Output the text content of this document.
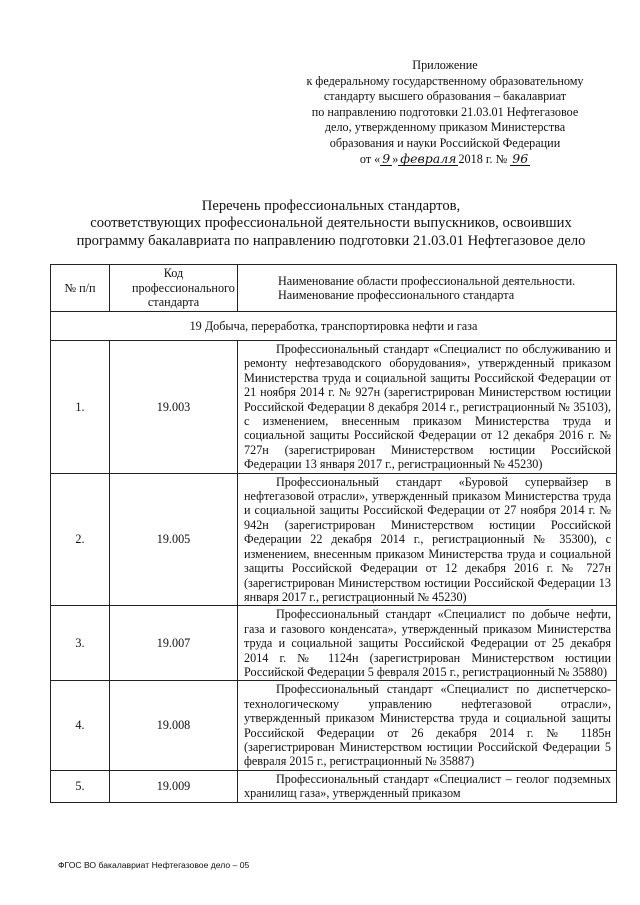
Приложение
к федеральному государственному образовательному
стандарту высшего образования – бакалавриат
по направлению подготовки 21.03.01 Нефтегазовое
дело, утвержденному приказом Министерства
образования и науки Российской Федерации
от « 9 » февраля 2018 г. № 96
Перечень профессиональных стандартов,
соответствующих профессиональной деятельности выпускников, освоивших
программу бакалавриата по направлению подготовки 21.03.01 Нефтегазовое дело
№ п/п	Код профессионального стандарта	Наименование области профессиональной деятельности. Наименование профессионального стандарта
19 Добыча, переработка, транспортировка нефти и газа		
1.	19.003	Профессиональный стандарт «Специалист по обслуживанию и ремонту нефтезаводского оборудования», утвержденный приказом Министерства труда и социальной защиты Российской Федерации от 21 ноября 2014 г. № 927н (зарегистрирован Министерством юстиции Российской Федерации 8 декабря 2014 г., регистрационный № 35103), с изменением, внесенным приказом Министерства труда и социальной защиты Российской Федерации от 12 декабря 2016 г. № 727н (зарегистрирован Министерством юстиции Российской Федерации 13 января 2017 г., регистрационный № 45230)

2.	19.005	Профессиональный стандарт «Буровой супервайзер в нефтегазовой отрасли», утвержденный приказом Министерства труда и социальной защиты Российской Федерации от 27 ноября 2014 г. № 942н (зарегистрирован Министерством юстиции Российской Федерации 22 декабря 2014 г., регистрационный № 35300), с изменением, внесенным приказом Министерства труда и социальной защиты Российской Федерации от 12 декабря 2016 г. № 727н (зарегистрирован Министерством юстиции Российской Федерации 13 января 2017 г., регистрационный № 45230)

3.	19.007	Профессиональный стандарт «Специалист по добыче нефти, газа и газового конденсата», утвержденный приказом Министерства труда и социальной защиты Российской Федерации от 25 декабря 2014 г. № 1124н (зарегистрирован Министерством юстиции Российской Федерации 5 февраля 2015 г., регистрационный № 35880)

4.	19.008	Профессиональный стандарт «Специалист по диспетчерско-технологическому управлению нефтегазовой отрасли», утвержденный приказом Министерства труда и социальной защиты Российской Федерации от 26 декабря 2014 г. № 1185н (зарегистрирован Министерством юстиции Российской Федерации 5 февраля 2015 г., регистрационный № 35887)

5.	19.009	Профессиональный стандарт «Специалист – геолог подземных хранилищ газа», утвержденный приказом
ФГОС ВО бакалавриат Нефтегазовое дело – 05
